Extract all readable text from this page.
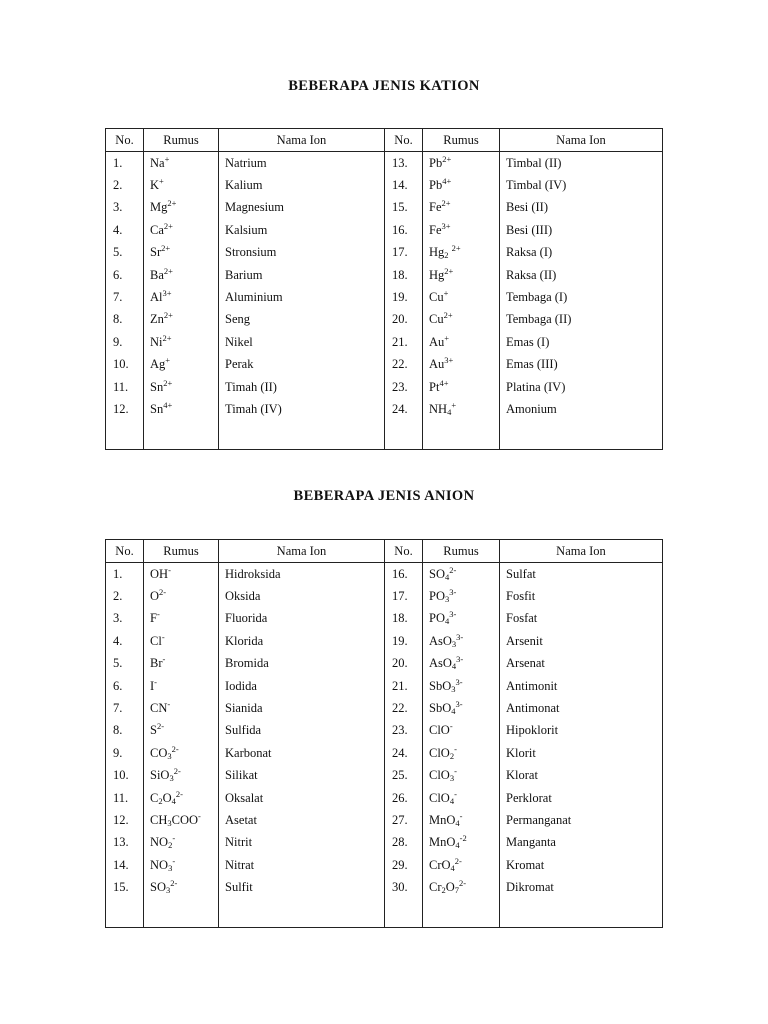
BEBERAPA JENIS KATION
No.	Rumus	Nama Ion	No.	Rumus	Nama Ion
1.	Na+	Natrium	13.	$Pb^{2+}$	Timbal (II)
2.	K+	Kalium	14.	$Pb^{4+}$	Timbal (IV)
3.	$Mg^{2+}$	Magnesium	15.	$Fe^{2+}$	Besi (II)
4.	$Ca^{2+}$	Kalsium	16.	$Fe^{3+}$	Besi (III)
5.	$Sr^{2+}$	Stronsium	17.	$Hg_2$ $^{2+}$	Raksa (I)
6.	$Ba^{2+}$	Barium	18.	$Hg^{2+}$	Raksa (II)
7.	$Al^{3+}$	Aluminium	19.	Cu+	Tembaga (I)
8.	$Zn^{2+}$	Seng	20.	$Cu^{2+}$	Tembaga (II)
9.	$Ni^{2+}$	Nikel	21.	Au+	Emas (I)
10.	Ag+	Perak	22.	$Au^{3+}$	Emas (III)
11.	$Sn^{2+}$	Timah (II)	23.	$Pt^{4+}$	Platina (IV)
12.	$Sn^{4+}$	Timah (IV)	24.	$NH_4^+$	Amonium

BEBERAPA JENIS ANION
No.	Rumus	Nama Ion	No.	Rumus	Nama Ion
1.	OH-	Hidroksida	16.	$SO_4^{2-}$	Sulfat
2.	$O^{2-}$	Oksida	17.	$PO_3^{3-}$	Fosfit
3.	F-	Fluorida	18.	$PO_4^{3-}$	Fosfat
4.	Cl-	Klorida	19.	AsO$_3^{3-}$	Arsenit
5.	Br-	Bromida	20.	AsO$_4^{3-}$	Arsenat
6.	I-	Iodida	21.	SbO$_3^{3-}$	Antimonit
7.	CN-	Sianida	22.	SbO$_4^{3-}$	Antimonat
8.	$S^{2-}$	Sulfida	23.	ClO-	Hipoklorit
9.	$CO_3^{2-}$	Karbonat	24.	ClO$_2$-	Klorit
10.	SiO$_3^{2-}$	Silikat	25.	ClO$_3$-	Klorat
11.	$C_2O_4^{2-}$	Oksalat	26.	ClO$_4$-	Perklorat
12.	$CH_3COO^-$	Asetat	27.	MnO$_4$-	Permanganat
13.	$NO_2^-$	Nitrit	28.	MnO$_4^{-2}$	Manganta
14.	$NO_3^-$	Nitrat	29.	CrO$_4^{2-}$	Kromat
15.	$SO_3^{2-}$	Sulfit	30.	$Cr_2O_7^{2-}$	Dikromat
